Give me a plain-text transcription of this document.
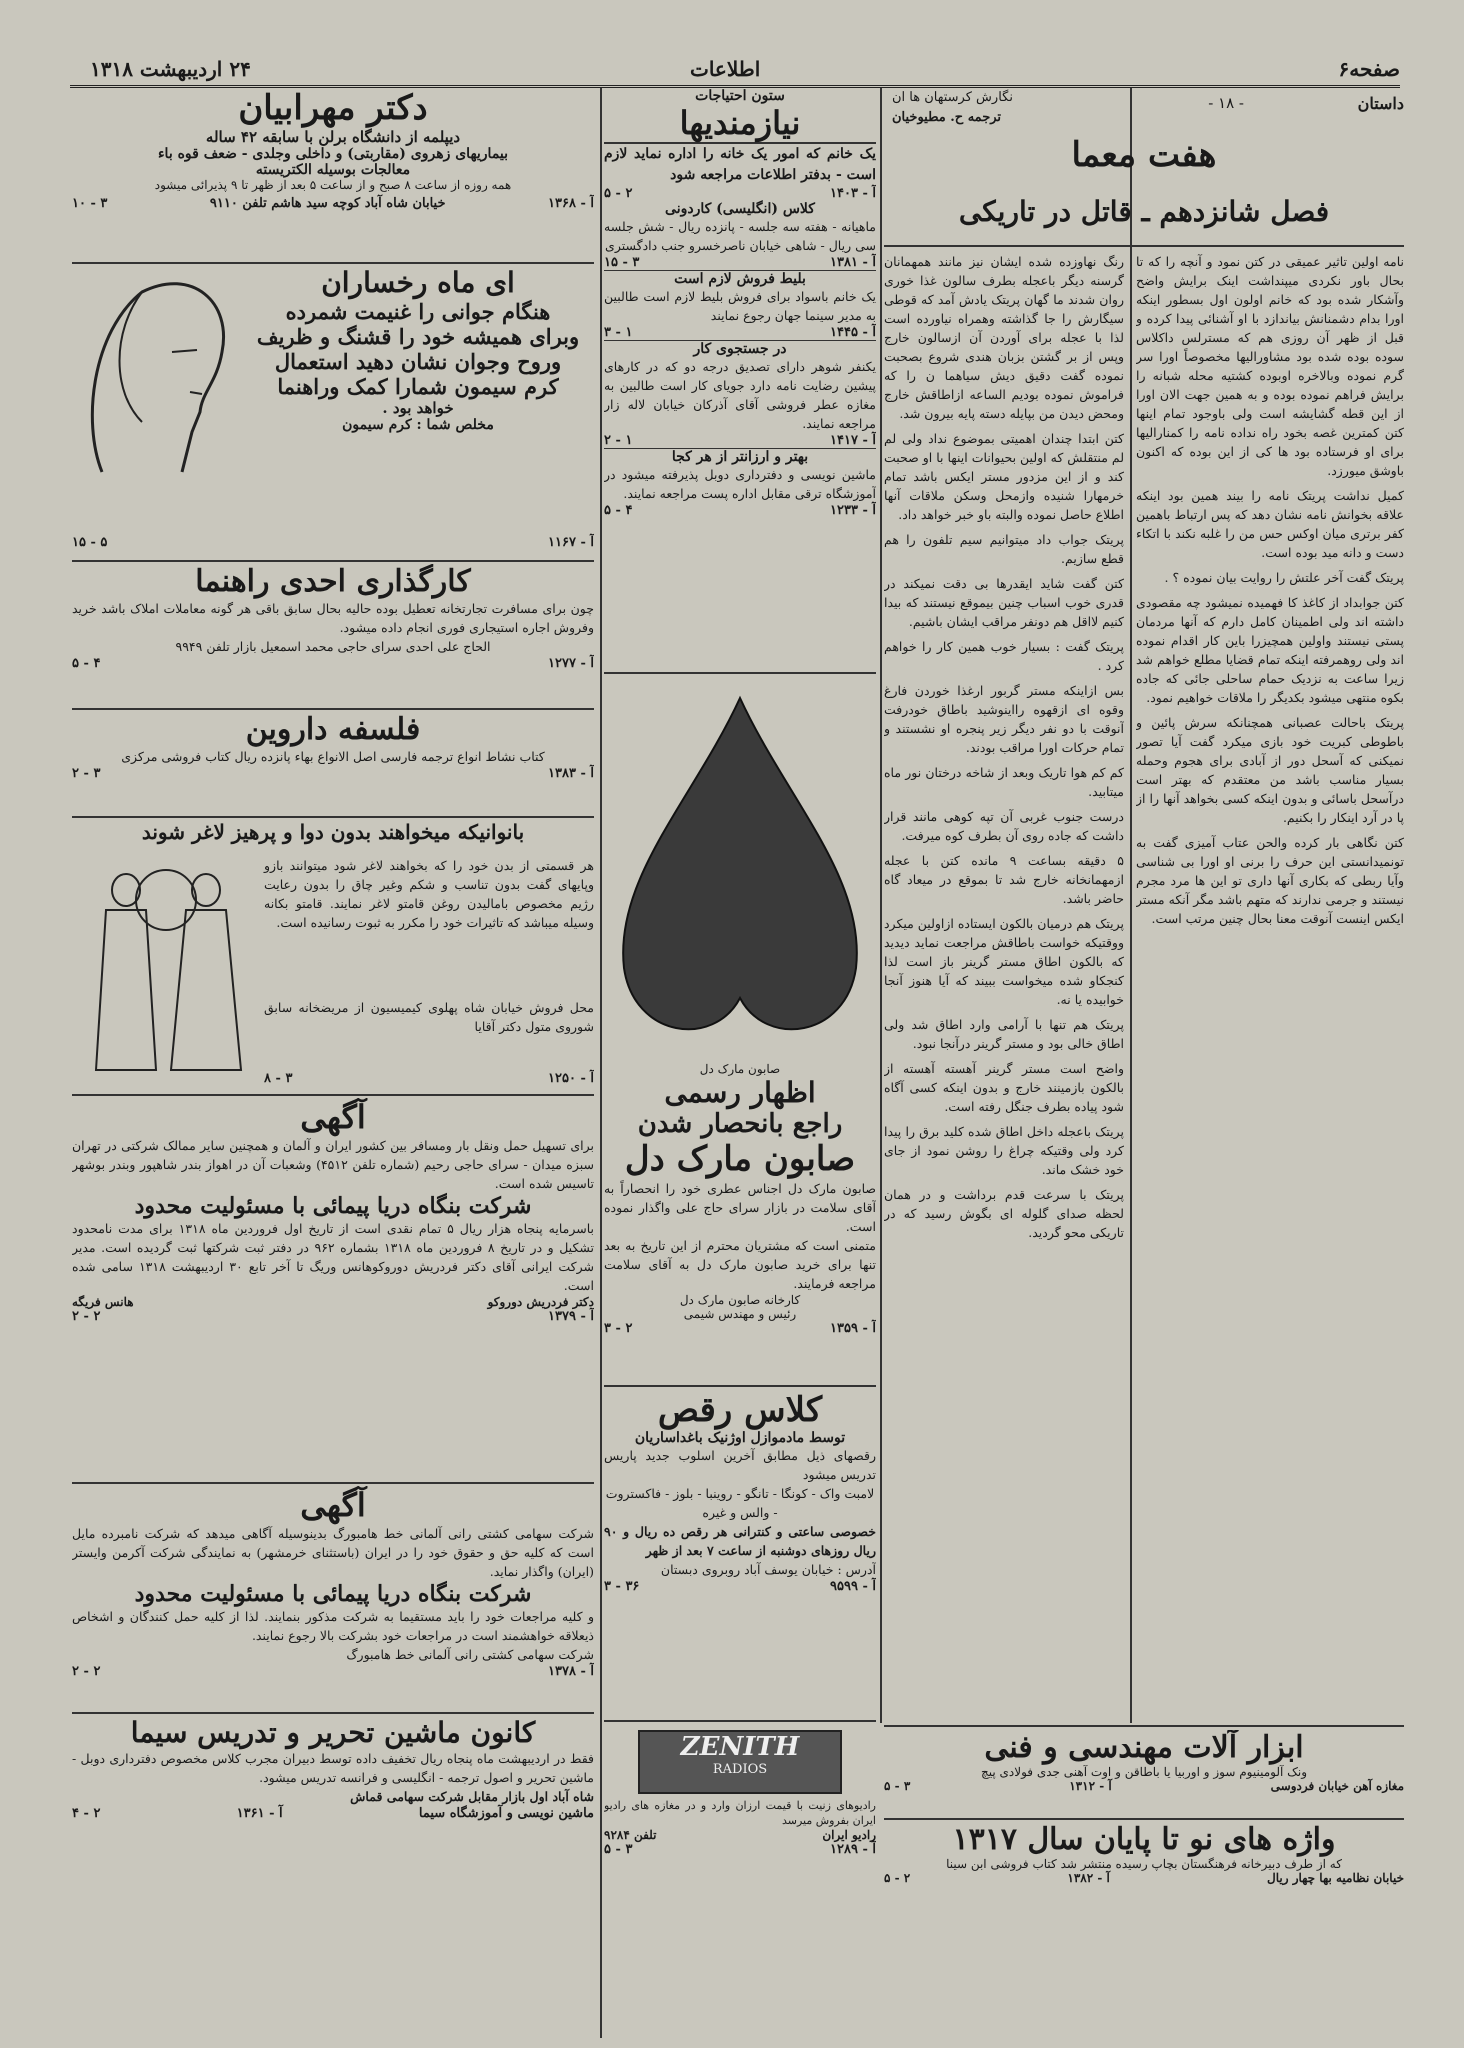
صفحه۶
اطلاعات
۲۴ اردیبهشت ۱۳۱۸
داستان
- ۱۸ -
نگارش کرستهان ها ان
ترجمه ح. مطیوخیان
هفت معما
فصل شانزدهم ـ قاتل در تاریکی

نامه اولین تاثیر عمیقی در کتن نمود و آنچه را که تا بحال باور نکردی میپنداشت اینک برایش واضح وآشکار شده بود که خانم اولون اول بسطور اینکه اورا بدام دشمنانش بیاندازد با او آشنائی پیدا کرده و قبل از ظهر آن روزی هم که مسترلس داکلاس سوده بوده شده بود مشاورالیها مخصوصاً اورا سر گرم نموده وبالاخره اوبوده کشتیه محله شبانه را برایش فراهم نموده بوده و به همین جهت الان اورا از این قطه گشایشه است ولی باوجود تمام اینها کتن کمترین غصه بخود راه نداده نامه را کمنارالیها برای او فرستاده بود ها کی از این بوده که اکنون باوشق میورزد.

کمیل نداشت پریتک نامه را بیند همین بود اینکه علاقه بخوانش نامه نشان دهد که پس ارتباط باهمین کفر برتری میان اوکس حس من را غلبه نکند با اتکاء دست و دانه مید بوده است.

پریتک گفت آخر علتش را روایت بیان نموده ؟ .

کتن جوابداد از کاغذ کا فهمیده نمیشود چه مقصودی داشته اند ولی اطمینان کامل دارم که آنها مردمان پستی نیستند واولین همچیزرا باین کار اقدام نموده اند ولی روهمرفته اینکه تمام قضایا مطلع خواهم شد زیرا ساعت به نزدیک حمام ساحلی جائی که جاده بکوه منتهی میشود بکدیگر را ملاقات خواهیم نمود.

پریتک باحالت عصبانی همچنانکه سرش پائین و باطوطی کبریت خود بازی میکرد گفت آیا تصور نمیکنی که آسحل دور از آبادی برای هجوم وحمله بسیار مناسب باشد من معتقدم که بهتر است درآسحل باسائی و بدون اینکه کسی بخواهد آنها را از پا در آرد اینکار را بکنیم.

کتن نگاهی بار کرده والحن عتاب آمیزی گفت به تونمیدانستی این حرف را برنی او اورا بی شناسی وآیا ربطی که بکاری آنها داری تو این ها مرد مجرم نیستند و جرمی ندارند که متهم باشد مگر آنکه مستر ایکس اینست آنوقت معنا بحال چنین مرتب است.

رنگ نهاوزده شده ایشان نیز مانند همهمانان گرسنه دیگر باعجله بطرف سالون غذا خوری روان شدند ما گهان پریتک یادش آمد که قوطی سیگارش را جا گذاشته وهمراه نیاورده است لذا با عجله برای آوردن آن ازسالون خارج وپس از بر گشتن بزبان هندی شروع بصحبت نموده گفت دقیق دیش سیاهما ن را که فراموش نموده بودیم الساعه ازاطاقش خارج ومحض دیدن من بپایله دسته پایه بیرون شد.

کتن ابتدا چندان اهمیتی بموضوع نداد ولی لم لم منتقلش که اولین بحیوانات اینها با او صحبت کند و از این مزدور مستر ایکس باشد تمام خرمهارا شنیده وازمحل وسکن ملاقات آنها اطلاع حاصل نموده والبته باو خبر خواهد داد.

پریتک جواب داد میتوانیم سیم تلفون را هم قطع سازیم.

کتن گفت شاید ایقدرها بی دقت نمیکند در قدری خوب اسباب چنین بیموقع نیستند که بیدا کنیم لااقل هم دونفر مراقب ایشان باشیم.

پریتک گفت : بسیار خوب همین کار را خواهم کرد .

بس ازاینکه مستر گربور ارغذا خوردن فارغ وقوه ای ازقهوه رااینوشید باطاق خودرفت آنوقت با دو نفر دیگر زیر پنجره او نشستند و تمام حرکات اورا مراقب بودند.

کم کم هوا تاریک وبعد از شاخه درختان نور ماه میتابید.

درست جنوب غربی آن تپه کوهی مانند قرار داشت که جاده روی آن بطرف کوه میرفت.

۵ دقیقه بساعت ۹ مانده کتن با عجله ازمهمانخانه خارج شد تا بموقع در میعاد گاه حاضر باشد.

پریتک هم درمیان بالکون ایستاده ازاولین میکرد ووقتیکه خواست باطاقش مراجعت نماید دیدید که بالکون اطاق مستر گرینر باز است لذا کنجکاو شده میخواست ببیند که آیا هنوز آنجا خوابیده یا نه.

پریتک هم تنها با آرامی وارد اطاق شد ولی اطاق خالی بود و مستر گرینر درآنجا نبود.

واضح است مستر گرینر آهسته آهسته از بالکون بازمینند خارج و بدون اینکه کسی آگاه شود پیاده بطرف جنگل رفته است.

پریتک باعجله داخل اطاق شده کلید برق را پیدا کرد ولی وقتیکه چراغ را روشن نمود از جای خود خشک ماند.

پریتک با سرعت قدم برداشت و در همان لحظه صدای گلوله ای بگوش رسید که در تاریکی محو گردید.

ابزار آلات مهندسی و فنی
ونک آلومینیوم سوز و اوربیا یا باطاقن و اوت آهنی جدی فولادی پیچ
مغازه آهن خیابان فردوسی
آ - ۱۳۱۲
۳ - ۵
واژه های نو تا پایان سال ۱۳۱۷
که از طرف دبیرخانه فرهنگستان بچاپ رسیده منتشر شد کتاب فروشی ابن سینا
خیابان نظامیه بها چهار ریال
آ - ۱۳۸۲
۲ - ۵
ستون احتیاجات
نیازمندیها
یک خانم که امور یک خانه را اداره نماید لازم است - بدفتر اطلاعات مراجعه شود
آ - ۱۴۰۳
۲ - ۵
کلاس (انگلیسی) کاردونی
ماهیانه - هفته سه جلسه - پانزده ریال - شش جلسه سی ریال - شاهی خیابان ناصرخسرو جنب دادگستری
آ - ۱۳۸۱
۳ - ۱۵
بلیط فروش لازم است
یک خانم باسواد برای فروش بلیط لازم است طالبین به مدیر سینما جهان رجوع نمایند
آ - ۱۴۴۵
۱ - ۳
در جستجوی کار
یکنفر شوهر دارای تصدیق درجه دو که در کارهای پیشین رضایت نامه دارد جویای کار است طالبین به مغازه عطر فروشی آقای آذرکان خیابان لاله زار مراجعه نمایند.
آ - ۱۴۱۷
۱ - ۲
بهتر و ارزانتر از هر کجا
ماشین نویسی و دفترداری دوبل پذیرفته میشود در آموزشگاه ترقی مقابل اداره پست مراجعه نمایند.
آ - ۱۲۳۳
۴ - ۵
صابون مارک دل
اظهار رسمی
راجع بانحصار شدن
صابون مارک دل
صابون مارک دل اجناس عطری خود را انحصاراً به آقای سلامت در بازار سرای حاج علی واگذار نموده است.
متمنی است که مشتریان محترم از این تاریخ به بعد تنها برای خرید صابون مارک دل به آقای سلامت مراجعه فرمایند.
کارخانه صابون مارک دل
رئیس و مهندس شیمی
آ - ۱۳۵۹
۲ - ۳
کلاس رقص
توسط مادموازل اوژنیک باغداساریان
رقصهای ذیل مطابق آخرین اسلوب جدید پاریس تدریس میشود
لامبت واک - کونگا - تانگو - روینبا - بلوز - فاکستروت - والس و غیره
خصوصی ساعتی و کنترانی هر رقص ده ریال و ۹۰ ریال روزهای دوشنبه از ساعت ۷ بعد از ظهر
آدرس : خیابان یوسف آباد روبروی دبستان
آ - ۹۵۹۹
۳۶ - ۳
ZENITH
RADIOS
رادیوهای زنیت با قیمت ارزان وارد و در مغازه های رادیو ایران بفروش میرسد
رادیو ایران
تلفن ۹۲۸۴
آ - ۱۲۸۹
۳ - ۵
دکتر مهرابیان
دیپلمه از دانشگاه برلن با سابقه ۴۲ ساله
بیماریهای زهروی (مقاربتی) و داخلی وجلدی - ضعف قوه باء
معالجات بوسیله الکتریسته
همه روزه از ساعت ۸ صبح و از ساعت ۵ بعد از ظهر تا ۹ پذیرائی میشود
آ - ۱۳۶۸
خیابان شاه آباد کوچه سید هاشم تلفن ۹۱۱۰
۳ - ۱۰
ای ماه رخساران
هنگام جوانی را غنیمت شمرده
وبرای همیشه خود را قشنگ و ظریف
وروح وجوان نشان دهید استعمال
کرم سیمون شمارا کمک وراهنما
خواهد بود .
مخلص شما : کرم سیمون
آ - ۱۱۶۷
۵ - ۱۵
کارگذاری احدی راهنما
چون برای مسافرت تجارتخانه تعطیل بوده حالیه بحال سابق باقی هر گونه معاملات املاک باشد خرید وفروش اجاره استیجاری فوری انجام داده میشود.
الحاج علی احدی سرای حاجی محمد اسمعیل بازار تلفن ۹۹۴۹
آ - ۱۲۷۷
۴ - ۵
فلسفه داروین
کتاب نشاط انواع ترجمه فارسی اصل الانواع بهاء پانزده ریال کتاب فروشی مرکزی
آ - ۱۳۸۳
۳ - ۲
بانوانیکه میخواهند بدون دوا و پرهیز لاغر شوند
هر قسمتی از بدن خود را که بخواهند لاغر شود میتوانند بازو وپایهای گفت بدون تناسب و شکم وغیر چاق را بدون رعایت رژیم مخصوص بامالیدن روغن قامتو لاغر نمایند. قامتو بکانه وسیله میباشد که تاثیرات خود را مکرر به ثبوت رسانیده است.
محل فروش خیابان شاه پهلوی کیمیسیون از مریضخانه سابق شوروی متول دکتر آقایا
آ - ۱۲۵۰
۳ - ۸
آگهی
برای تسهیل حمل ونقل بار ومسافر بین کشور ایران و آلمان و همچنین سایر ممالک شرکتی در تهران سبزه میدان - سرای حاجی رحیم (شماره تلفن ۴۵۱۲) وشعبات آن در اهواز بندر شاهپور وبندر بوشهر تاسیس شده است.
شرکت بنگاه دریا پیمائی با مسئولیت محدود
باسرمایه پنجاه هزار ریال ۵ تمام نقدی است از تاریخ اول فروردین ماه ۱۳۱۸ برای مدت نامحدود تشکیل و در تاریخ ۸ فروردین ماه ۱۳۱۸ بشماره ۹۶۲ در دفتر ثبت شرکتها ثبت گردیده است. مدیر شرکت ایرانی آقای دکتر فردریش دوروکوهانس وریگ تا آخر تابع ۳۰ اردیبهشت ۱۳۱۸ سامی شده است.
دکتر فردریش دوروکو
هانس فریگه
آ - ۱۳۷۹
۲ - ۲
آگهی
شرکت سهامی کشتی رانی آلمانی خط هامبورگ بدینوسیله آگاهی میدهد که شرکت نامبرده مایل است که کلیه حق و حقوق خود را در ایران (باستثنای خرمشهر) به نمایندگی شرکت آکرمن وایستر (ایران) واگذار نماید.
شرکت بنگاه دریا پیمائی با مسئولیت محدود
و کلیه مراجعات خود را باید مستقیما به شرکت مذکور بنمایند. لذا از کلیه حمل کنندگان و اشخاص ذیعلاقه خواهشمند است در مراجعات خود بشرکت بالا رجوع نمایند.
شرکت سهامی کشتی رانی آلمانی خط هامبورگ
آ - ۱۳۷۸
۲ - ۲
کانون ماشین تحریر و تدریس سیما
فقط در اردیبهشت ماه پنجاه ریال تخفیف داده توسط دبیران مجرب کلاس مخصوص دفترداری دوبل - ماشین تحریر و اصول ترجمه - انگلیسی و فرانسه تدریس میشود.
شاه آباد اول بازار مقابل شرکت سهامی قماش
ماشین نویسی و آموزشگاه سیما
آ - ۱۳۶۱
۲ - ۴
